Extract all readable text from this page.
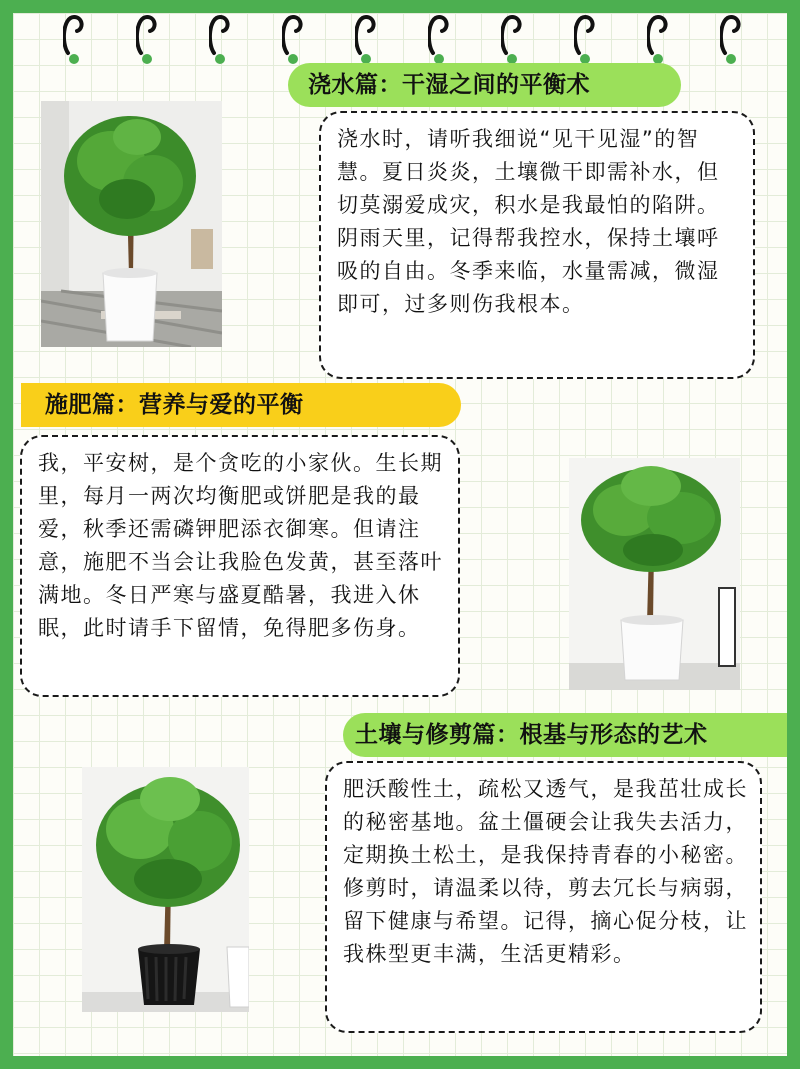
浇水篇：干湿之间的平衡术
浇水时，请听我细说“见干见湿”的智慧。夏日炎炎，土壤微干即需补水，但切莫溺爱成灾，积水是我最怕的陷阱。阴雨天里，记得帮我控水，保持土壤呼吸的自由。冬季来临，水量需减，微湿即可，过多则伤我根本。
施肥篇：营养与爱的平衡
我，平安树，是个贪吃的小家伙。生长期里，每月一两次均衡肥或饼肥是我的最爱，秋季还需磷钾肥添衣御寒。但请注意，施肥不当会让我脸色发黄，甚至落叶满地。冬日严寒与盛夏酷暑，我进入休眠，此时请手下留情，免得肥多伤身。
土壤与修剪篇：根基与形态的艺术
肥沃酸性土，疏松又透气，是我茁壮成长的秘密基地。盆土僵硬会让我失去活力，定期换土松土，是我保持青春的小秘密。修剪时，请温柔以待，剪去冗长与病弱，留下健康与希望。记得，摘心促分枝，让我株型更丰满，生活更精彩。
